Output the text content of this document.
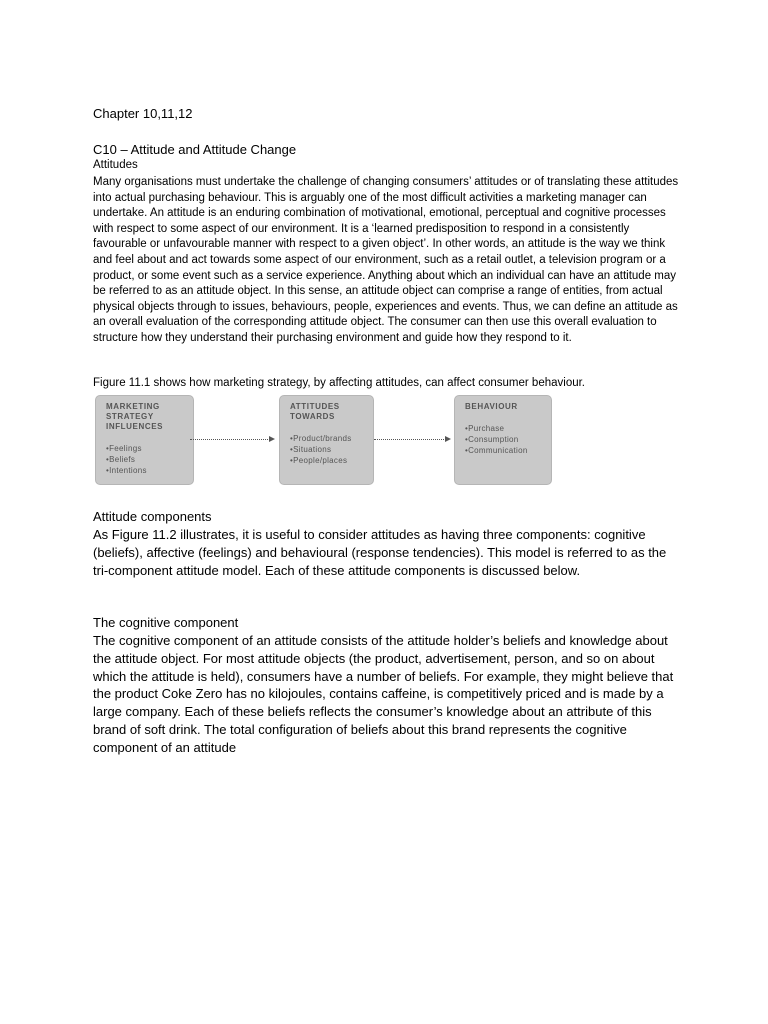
Chapter 10,11,12
C10 – Attitude and Attitude Change
Attitudes

Many organisations must undertake the challenge of changing consumers’ attitudes or of translating these attitudes into actual purchasing behaviour. This is arguably one of the most difficult activities a marketing manager can undertake. An attitude is an enduring combination of motivational, emotional, perceptual and cognitive processes with respect to some aspect of our environment. It is a ‘learned predisposition to respond in a consistently favourable or unfavourable manner with respect to a given object’. In other words, an attitude is the way we think and feel about and act towards some aspect of our environment, such as a retail outlet, a television program or a product, or some event such as a service experience. Anything about which an individual can have an attitude may be referred to as an attitude object. In this sense, an attitude object can comprise a range of entities, from actual physical objects through to issues, behaviours, people, experiences and events. Thus, we can define an attitude as an overall evaluation of the corresponding attitude object. The consumer can then use this overall evaluation to structure how they understand their purchasing environment and guide how they respond to it.

Figure 11.1 shows how marketing strategy, by affecting attitudes, can affect consumer behaviour.
MARKETING
STRATEGY
INFLUENCES
• Feelings
• Beliefs
• Intentions
ATTITUDES
TOWARDS
• Product/brands
• Situations
• People/places
BEHAVIOUR
• Purchase
• Consumption
• Communication
Attitude components

As Figure 11.2 illustrates, it is useful to consider attitudes as having three components: cognitive (beliefs), affective (feelings) and behavioural (response tendencies). This model is referred to as the tri-component attitude model. Each of these attitude components is discussed below.

The cognitive component

The cognitive component of an attitude consists of the attitude holder’s beliefs and knowledge about the attitude object. For most attitude objects (the product, advertisement, person, and so on about which the attitude is held), consumers have a number of beliefs. For example, they might believe that the product Coke Zero has no kilojoules, contains caffeine, is competitively priced and is made by a large company. Each of these beliefs reflects the consumer’s knowledge about an attribute of this brand of soft drink. The total configuration of beliefs about this brand represents the cognitive component of an attitude
